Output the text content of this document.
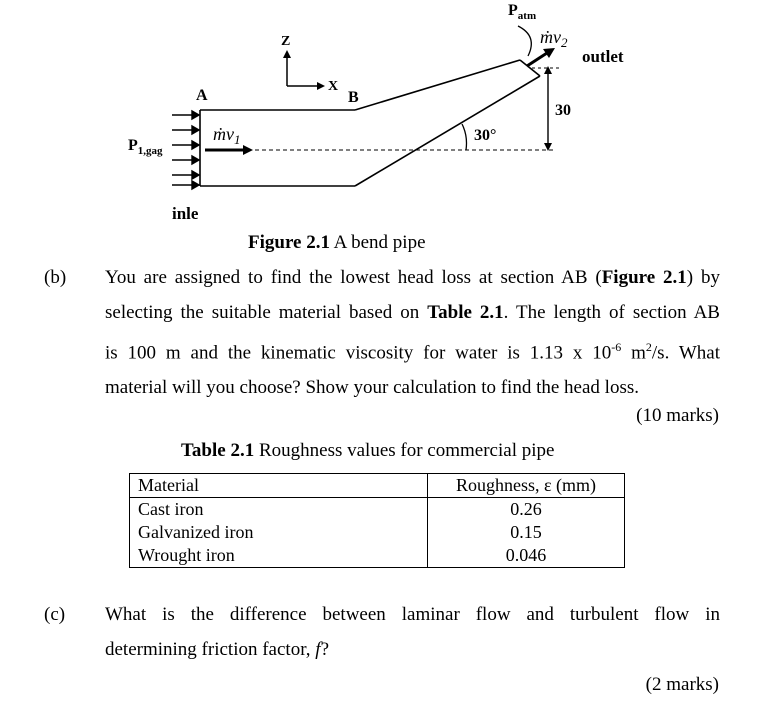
30
30°
Z
X
A	B
ṁv$_1$
$P_{1,gag}$
inle
ṁv$_2$
outlet
$P_{atm}$
Figure 2.1 A bend pipe
(b) You are assigned to find the lowest head loss at section AB (Figure 2.1) by
selecting the suitable material based on Table 2.1. The length of section AB
is 100 m and the kinematic viscosity for water is 1.13 x $10^{-6}$ $m^2/s$. What
material will you choose? Show your calculation to find the head loss.
(10 marks)
Table 2.1 Roughness values for commercial pipe
Material	Roughness, ε (mm)
Cast iron	0.26
Galvanized iron	0.15
Wrought iron	0.046
(c) What is the difference between laminar flow and turbulent flow in
determining friction factor, f?
(2 marks)
